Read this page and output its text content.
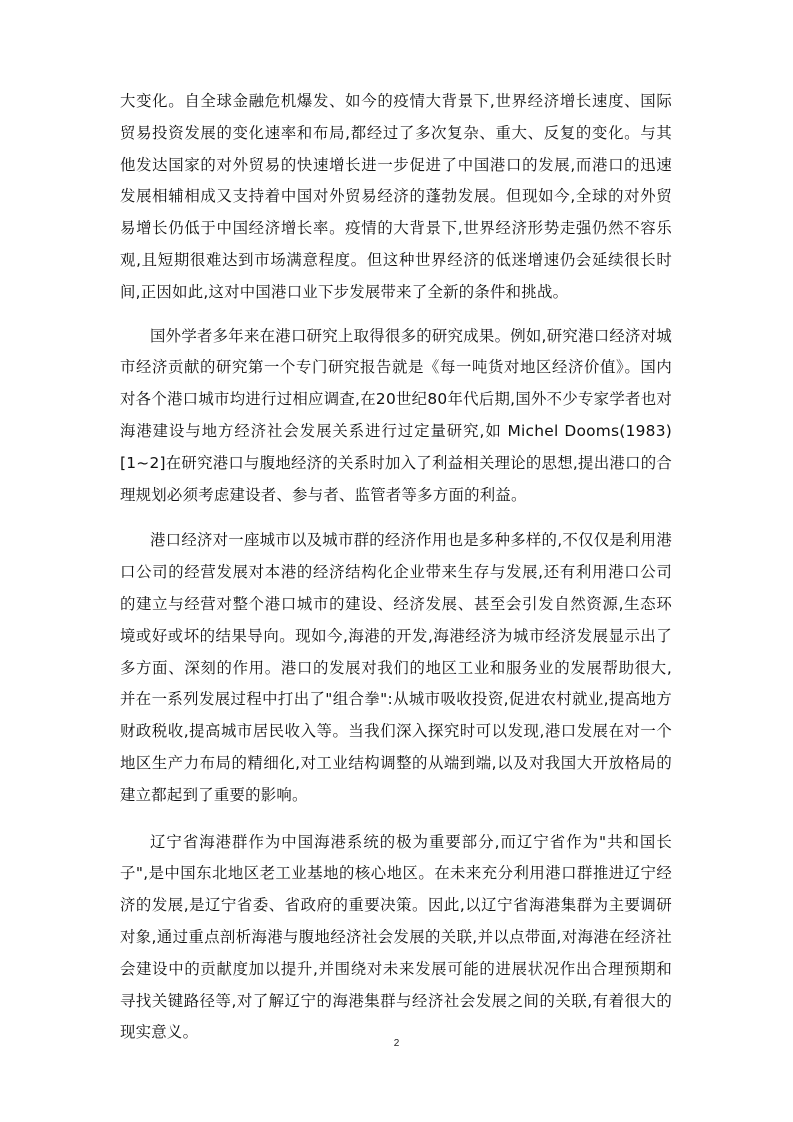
大变化。自全球金融危机爆发、如今的疫情大背景下,世界经济增长速度、国际贸易投资发展的变化速率和布局,都经过了多次复杂、重大、反复的变化。与其他发达国家的对外贸易的快速增长进一步促进了中国港口的发展,而港口的迅速发展相辅相成又支持着中国对外贸易经济的蓬勃发展。但现如今,全球的对外贸易增长仍低于中国经济增长率。疫情的大背景下,世界经济形势走强仍然不容乐观,且短期很难达到市场满意程度。但这种世界经济的低迷增速仍会延续很长时间,正因如此,这对中国港口业下步发展带来了全新的条件和挑战。

国外学者多年来在港口研究上取得很多的研究成果。例如,研究港口经济对城市经济贡献的研究第一个专门研究报告就是《每一吨货对地区经济价值》。国内对各个港口城市均进行过相应调查,在20世纪80年代后期,国外不少专家学者也对海港建设与地方经济社会发展关系进行过定量研究,如 Michel Dooms(1983)[1~2]在研究港口与腹地经济的关系时加入了利益相关理论的思想,提出港口的合理规划必须考虑建设者、参与者、监管者等多方面的利益。

港口经济对一座城市以及城市群的经济作用也是多种多样的,不仅仅是利用港口公司的经营发展对本港的经济结构化企业带来生存与发展,还有利用港口公司的建立与经营对整个港口城市的建设、经济发展、甚至会引发自然资源,生态环境或好或坏的结果导向。现如今,海港的开发,海港经济为城市经济发展显示出了多方面、深刻的作用。港口的发展对我们的地区工业和服务业的发展帮助很大,并在一系列发展过程中打出了"组合拳":从城市吸收投资,促进农村就业,提高地方财政税收,提高城市居民收入等。当我们深入探究时可以发现,港口发展在对一个地区生产力布局的精细化,对工业结构调整的从端到端,以及对我国大开放格局的建立都起到了重要的影响。

辽宁省海港群作为中国海港系统的极为重要部分,而辽宁省作为"共和国长子",是中国东北地区老工业基地的核心地区。在未来充分利用港口群推进辽宁经济的发展,是辽宁省委、省政府的重要决策。因此,以辽宁省海港集群为主要调研对象,通过重点剖析海港与腹地经济社会发展的关联,并以点带面,对海港在经济社会建设中的贡献度加以提升,并围绕对未来发展可能的进展状况作出合理预期和寻找关键路径等,对了解辽宁的海港集群与经济社会发展之间的关联,有着很大的现实意义。

2
